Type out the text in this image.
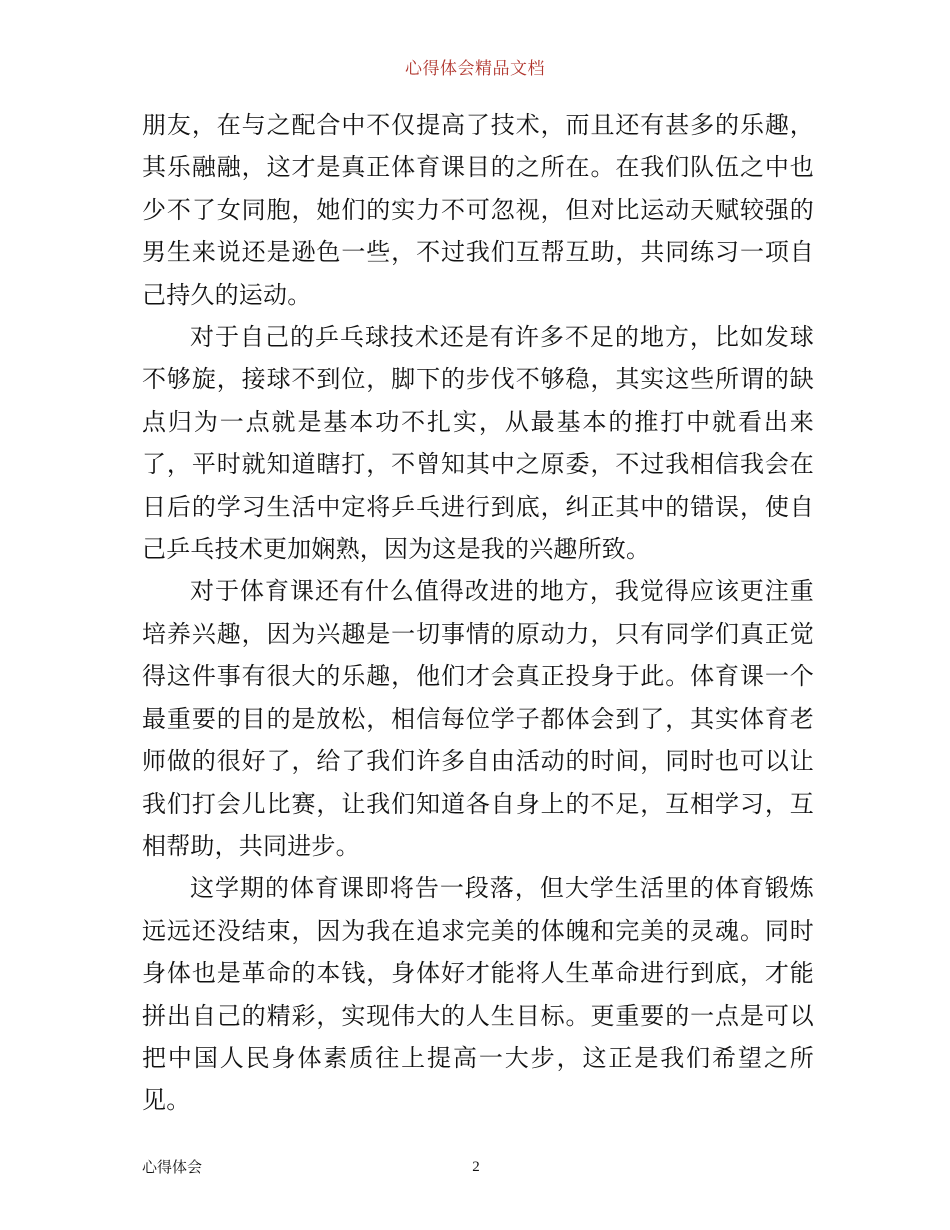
心得体会精品文档

朋友，在与之配合中不仅提高了技术，而且还有甚多的乐趣，其乐融融，这才是真正体育课目的之所在。在我们队伍之中也少不了女同胞，她们的实力不可忽视，但对比运动天赋较强的男生来说还是逊色一些，不过我们互帮互助，共同练习一项自己持久的运动。

对于自己的乒乓球技术还是有许多不足的地方，比如发球不够旋，接球不到位，脚下的步伐不够稳，其实这些所谓的缺点归为一点就是基本功不扎实，从最基本的推打中就看出来了，平时就知道瞎打，不曾知其中之原委，不过我相信我会在日后的学习生活中定将乒乓进行到底，纠正其中的错误，使自己乒乓技术更加娴熟，因为这是我的兴趣所致。

对于体育课还有什么值得改进的地方，我觉得应该更注重培养兴趣，因为兴趣是一切事情的原动力，只有同学们真正觉得这件事有很大的乐趣，他们才会真正投身于此。体育课一个最重要的目的是放松，相信每位学子都体会到了，其实体育老师做的很好了，给了我们许多自由活动的时间，同时也可以让我们打会儿比赛，让我们知道各自身上的不足，互相学习，互相帮助，共同进步。

这学期的体育课即将告一段落，但大学生活里的体育锻炼远远还没结束，因为我在追求完美的体魄和完美的灵魂。同时身体也是革命的本钱，身体好才能将人生革命进行到底，才能拼出自己的精彩，实现伟大的人生目标。更重要的一点是可以把中国人民身体素质往上提高一大步，这正是我们希望之所见。

心得体会	2
